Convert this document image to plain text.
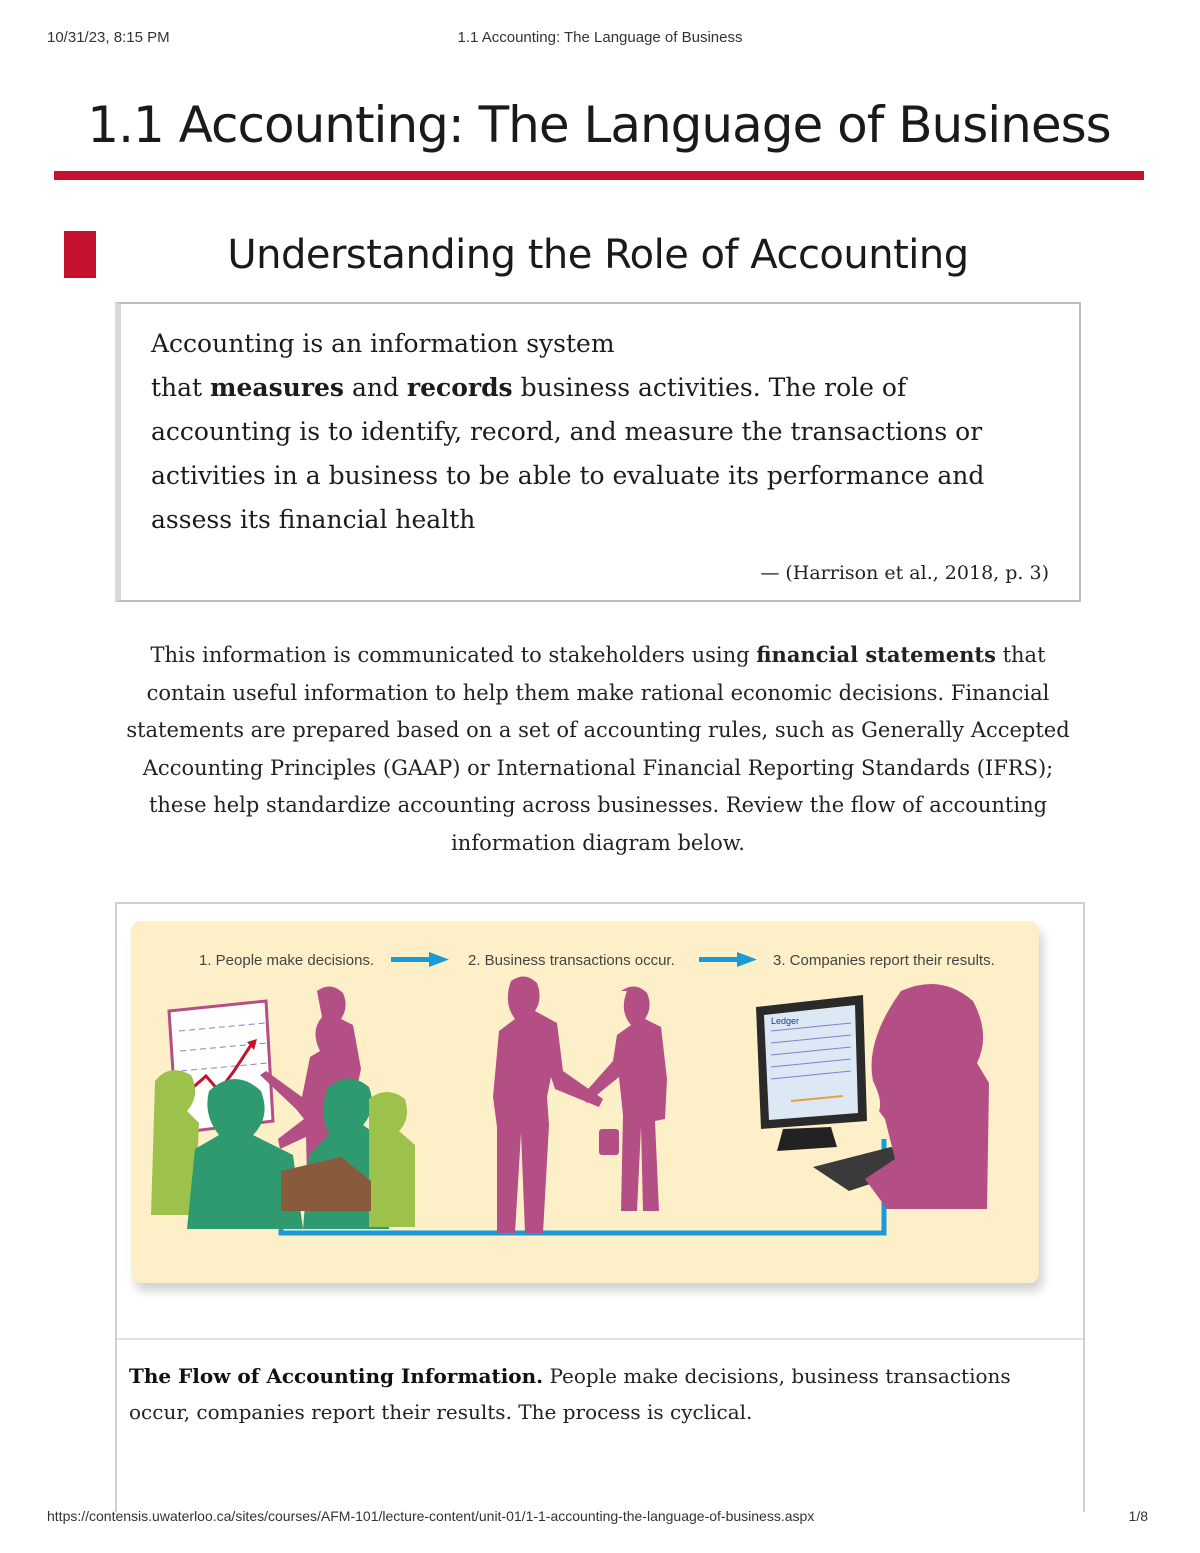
10/31/23, 8:15 PM	1.1 Accounting: The Language of Business
1.1 Accounting: The Language of Business
Understanding the Role of Accounting
Accounting is an information system
that measures and records business activities. The role of accounting is to identify, record, and measure the transactions or activities in a business to be able to evaluate its performance and assess its financial health
— (Harrison et al., 2018, p. 3)

This information is communicated to stakeholders using financial statements that contain useful information to help them make rational economic decisions. Financial statements are prepared based on a set of accounting rules, such as Generally Accepted Accounting Principles (GAAP) or International Financial Reporting Standards (IFRS); these help standardize accounting across businesses. Review the flow of accounting information diagram below.

1. People make decisions.	2. Business transactions occur.	3. Companies report their results.
Ledger

The Flow of Accounting Information. People make decisions, business transactions occur, companies report their results. The process is cyclical.

https://contensis.uwaterloo.ca/sites/courses/AFM-101/lecture-content/unit-01/1-1-accounting-the-language-of-business.aspx	1/8
